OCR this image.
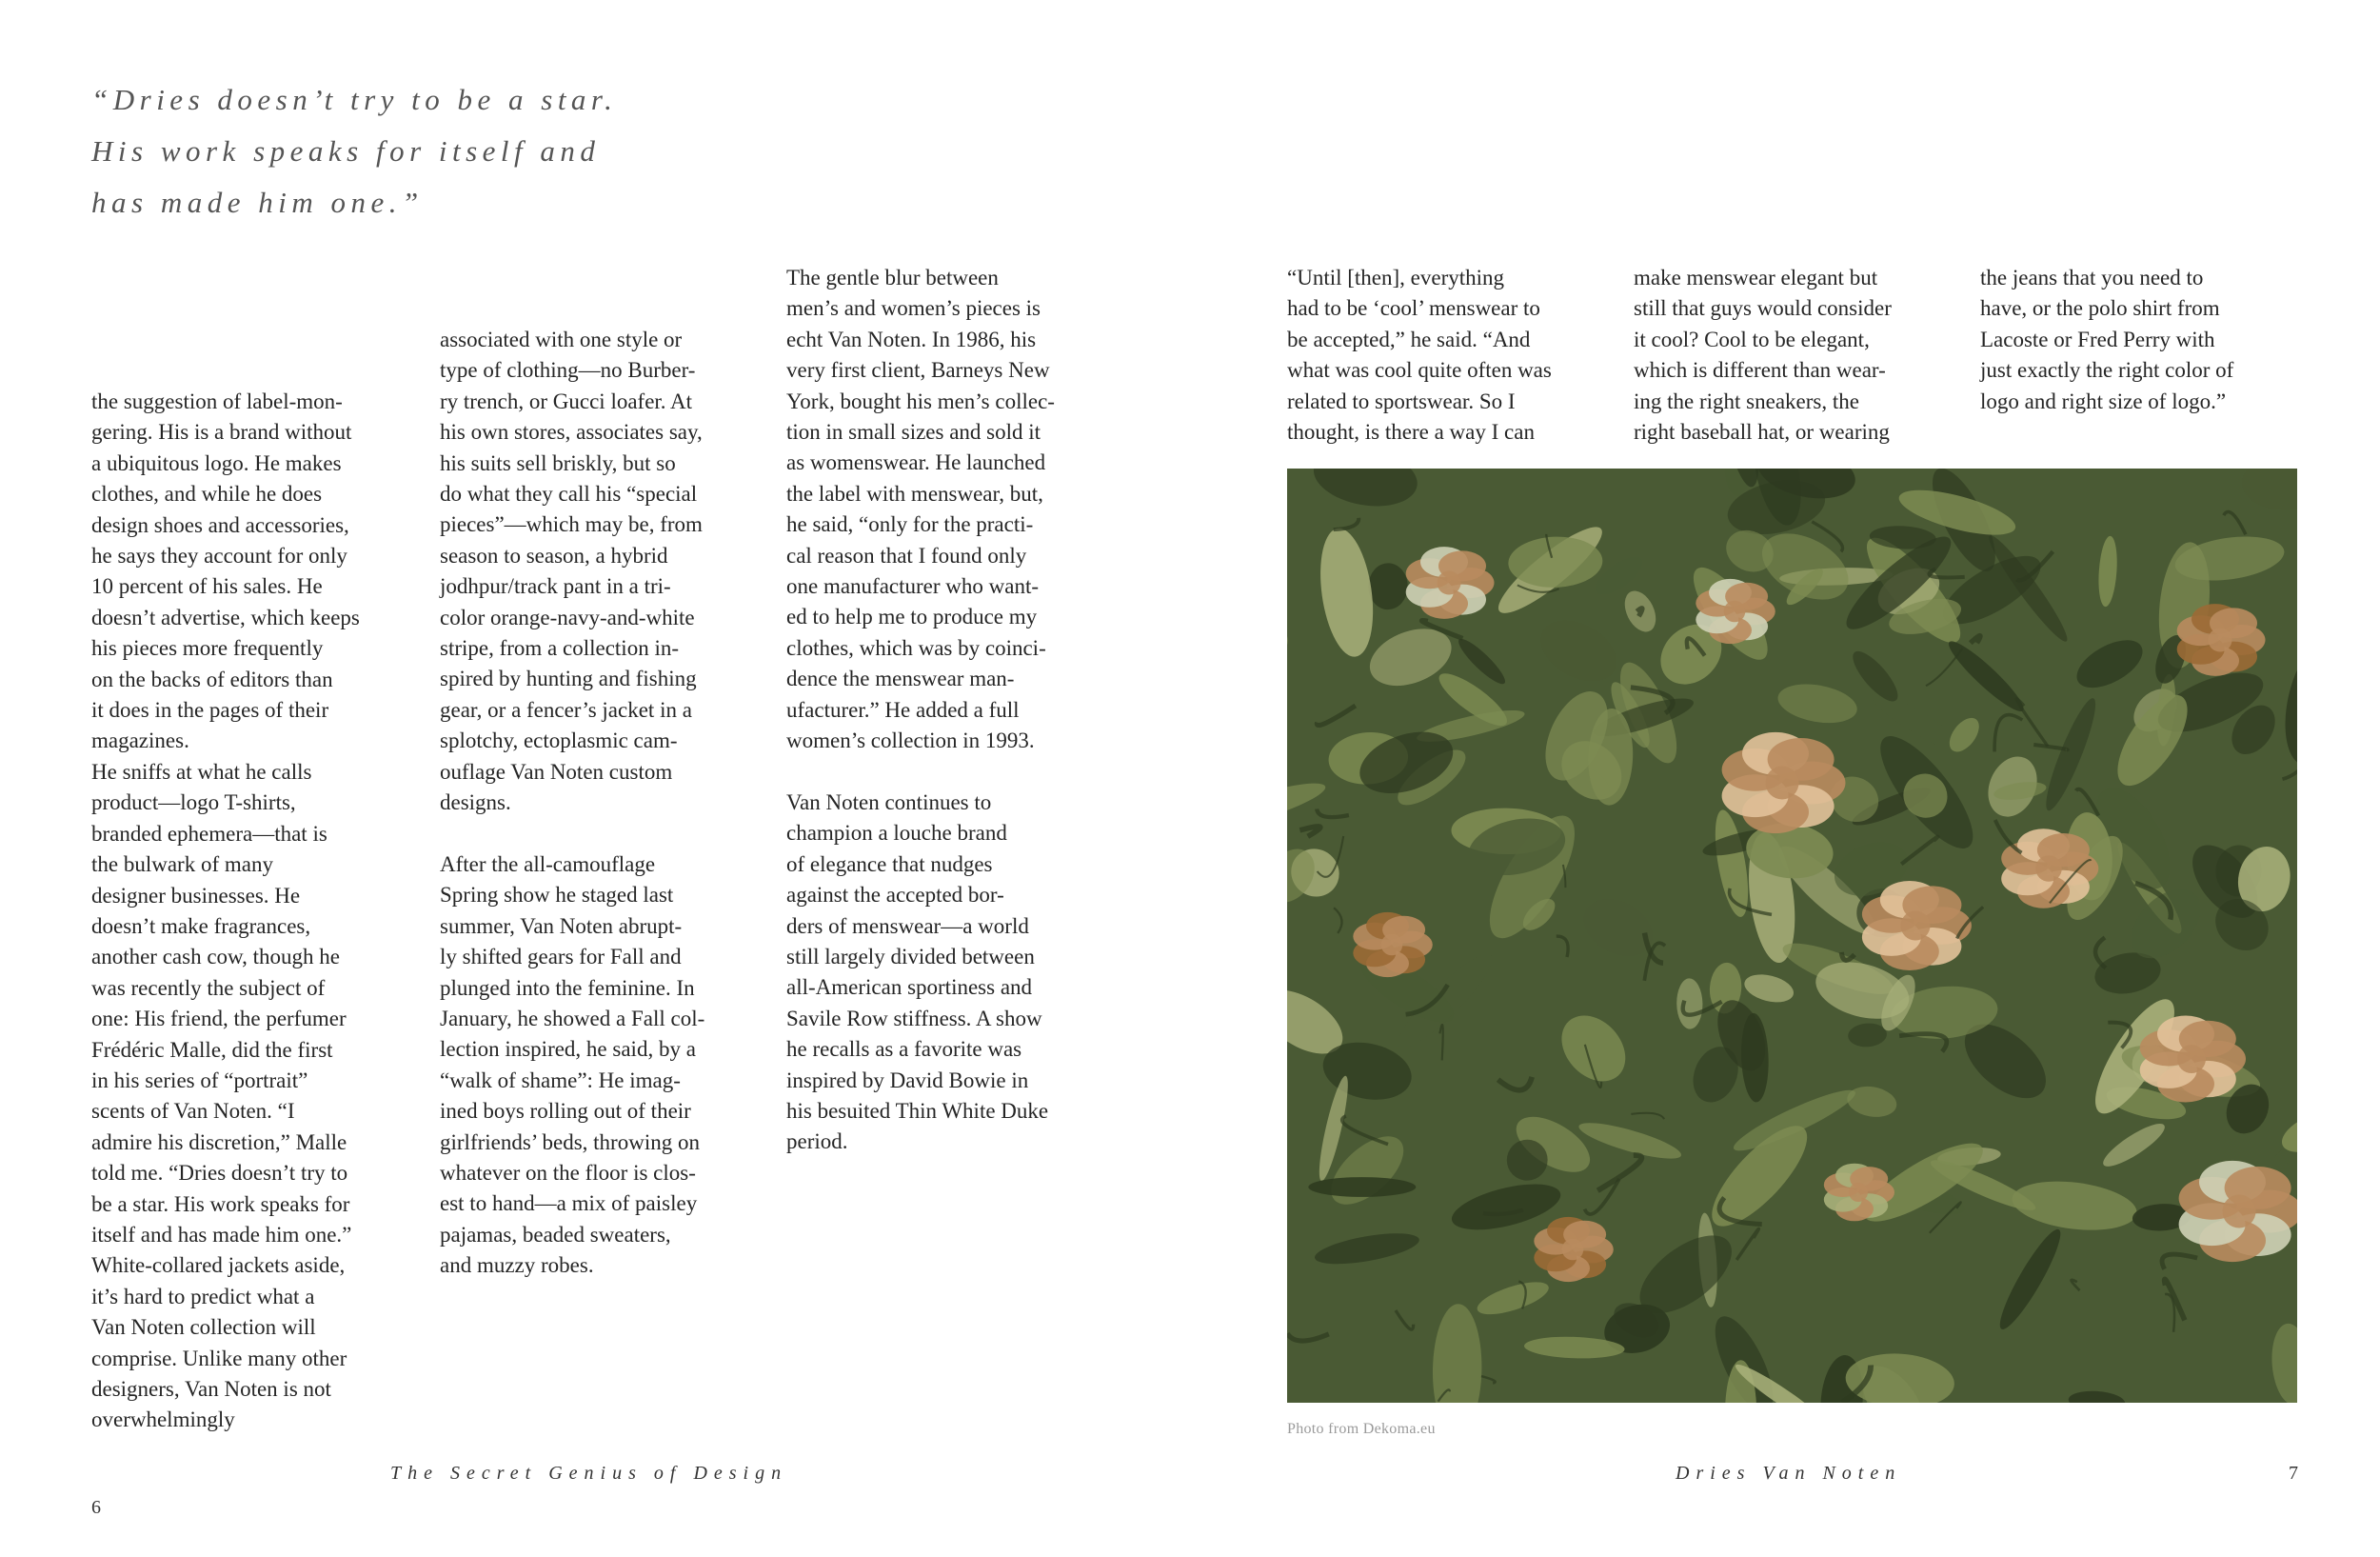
“Dries doesn’t try to be a star.
His work speaks for itself and
has made him one.”
the suggestion of label-mon-
gering. His is a brand without
a ubiquitous logo. He makes
clothes, and while he does
design shoes and accessories,
he says they account for only
10 percent of his sales. He
doesn’t advertise, which keeps
his pieces more frequently
on the backs of editors than
it does in the pages of their
magazines.
He sniffs at what he calls
product—logo T-shirts,
branded ephemera—that is
the bulwark of many
designer businesses. He
doesn’t make fragrances,
another cash cow, though he
was recently the subject of
one: His friend, the perfumer
Frédéric Malle, did the first
in his series of “portrait”
scents of Van Noten. “I
admire his discretion,” Malle
told me. “Dries doesn’t try to
be a star. His work speaks for
itself and has made him one.”
White-collared jackets aside,
it’s hard to predict what a
Van Noten collection will
comprise. Unlike many other
designers, Van Noten is not
overwhelmingly
associated with one style or
type of clothing—no Burber-
ry trench, or Gucci loafer. At
his own stores, associates say,
his suits sell briskly, but so
do what they call his “special
pieces”—which may be, from
season to season, a hybrid
jodhpur/track pant in a tri-
color orange-navy-and-white
stripe, from a collection in-
spired by hunting and fishing
gear, or a fencer’s jacket in a
splotchy, ectoplasmic cam-
ouflage Van Noten custom
designs.
After the all-camouflage
Spring show he staged last
summer, Van Noten abrupt-
ly shifted gears for Fall and
plunged into the feminine. In
January, he showed a Fall col-
lection inspired, he said, by a
“walk of shame”: He imag-
ined boys rolling out of their
girlfriends’ beds, throwing on
whatever on the floor is clos-
est to hand—a mix of paisley
pajamas, beaded sweaters,
and muzzy robes.
The gentle blur between
men’s and women’s pieces is
echt Van Noten. In 1986, his
very first client, Barneys New
York, bought his men’s collec-
tion in small sizes and sold it
as womenswear. He launched
the label with menswear, but,
he said, “only for the practi-
cal reason that I found only
one manufacturer who want-
ed to help me to produce my
clothes, which was by coinci-
dence the menswear man-
ufacturer.” He added a full
women’s collection in 1993.
Van Noten continues to
champion a louche brand
of elegance that nudges
against the accepted bor-
ders of menswear—a world
still largely divided between
all-American sportiness and
Savile Row stiffness. A show
he recalls as a favorite was
inspired by David Bowie in
his besuited Thin White Duke
period.
“Until [then], everything
had to be ‘cool’ menswear to
be accepted,” he said. “And
what was cool quite often was
related to sportswear. So I
thought, is there a way I can
make menswear elegant but
still that guys would consider
it cool? Cool to be elegant,
which is different than wear-
ing the right sneakers, the
right baseball hat, or wearing
the jeans that you need to
have, or the polo shirt from
Lacoste or Fred Perry with
just exactly the right color of
logo and right size of logo.”
Photo from Dekoma.eu
The Secret Genius of Design	Dries Van Noten
6
7
